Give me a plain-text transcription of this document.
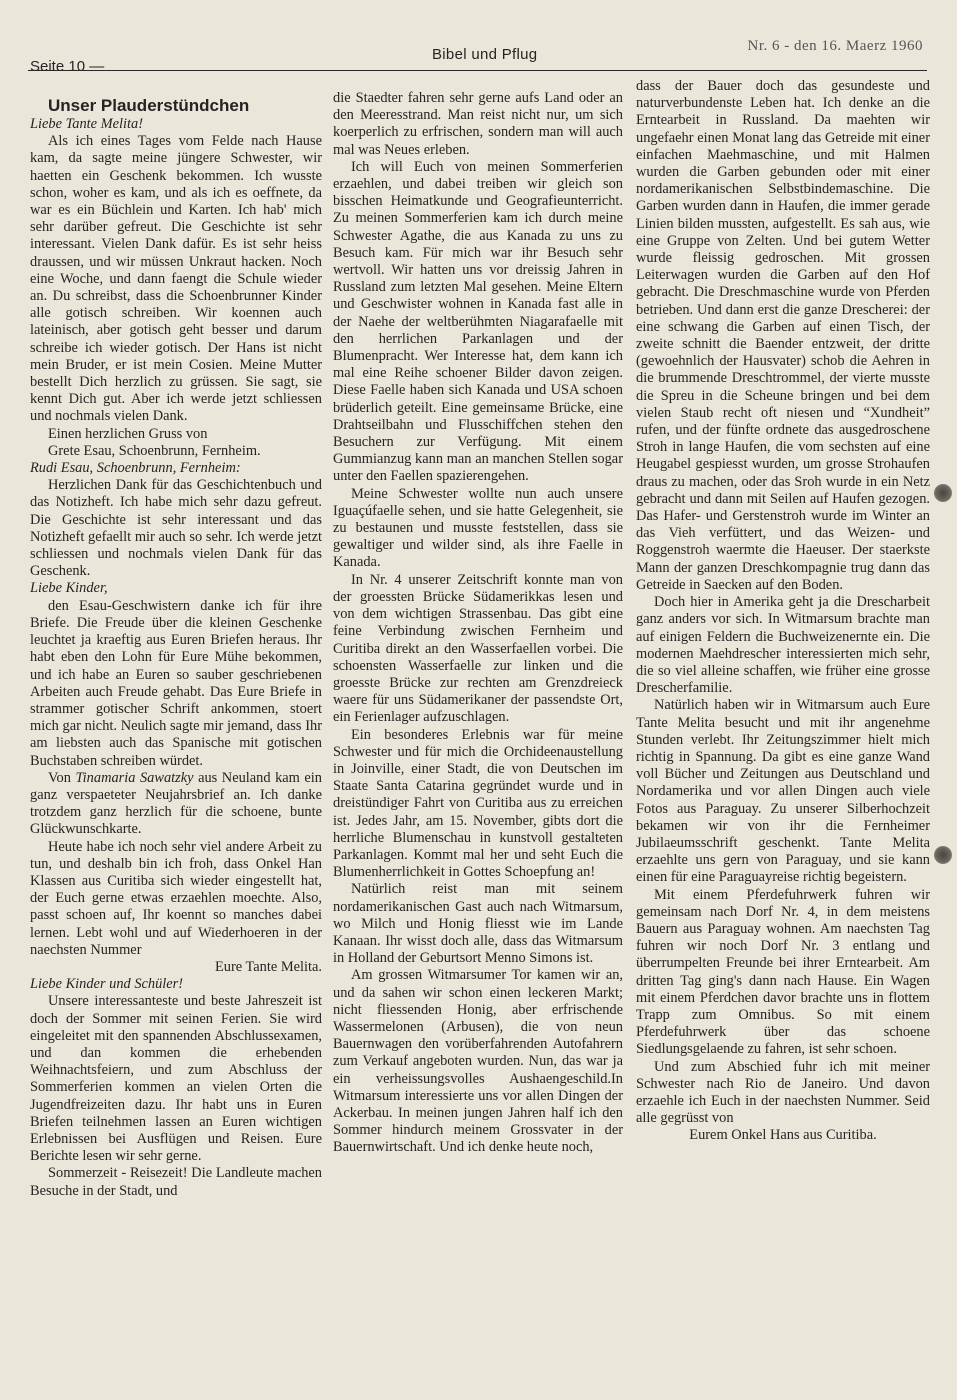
Seite 10 —
Bibel und Pflug	Nr. 6 - den 16. Maerz 1960

Unser Plauderstündchen

Liebe Tante Melita!

Als ich eines Tages vom Felde nach Hause kam, da sagte meine jüngere Schwester, wir haetten ein Geschenk bekommen. Ich wusste schon, woher es kam, und als ich es oeffnete, da war es ein Büchlein und Karten. Ich hab' mich sehr darüber gefreut. Die Geschichte ist sehr interessant. Vielen Dank dafür. Es ist sehr heiss draussen, und wir müssen Unkraut hacken. Noch eine Woche, und dann faengt die Schule wieder an. Du schreibst, dass die Schoenbrunner Kinder alle gotisch schreiben. Wir koennen auch lateinisch, aber gotisch geht besser und darum schreibe ich wieder gotisch. Der Hans ist nicht mein Bruder, er ist mein Cosien. Meine Mutter bestellt Dich herzlich zu grüssen. Sie sagt, sie kennt Dich gut. Aber ich werde jetzt schliessen und nochmals vielen Dank.

Einen herzlichen Gruss von

Grete Esau, Schoenbrunn, Fernheim.

Rudi Esau, Schoenbrunn, Fernheim:

Herzlichen Dank für das Geschichtenbuch und das Notizheft. Ich habe mich sehr dazu gefreut. Die Geschichte ist sehr interessant und das Notizheft gefaellt mir auch so sehr. Ich werde jetzt schliessen und nochmals vielen Dank für das Geschenk.

Liebe Kinder,

den Esau-Geschwistern danke ich für ihre Briefe. Die Freude über die kleinen Geschenke leuchtet ja kraeftig aus Euren Briefen heraus. Ihr habt eben den Lohn für Eure Mühe bekommen, und ich habe an Euren so sauber geschriebenen Arbeiten auch Freude gehabt. Das Eure Briefe in strammer gotischer Schrift ankommen, stoert mich gar nicht. Neulich sagte mir jemand, dass Ihr am liebsten auch das Spanische mit gotischen Buchstaben schreiben würdet.

Von Tinamaria Sawatzky aus Neuland kam ein ganz verspaeteter Neujahrsbrief an. Ich danke trotzdem ganz herzlich für die schoene, bunte Glückwunschkarte.

Heute habe ich noch sehr viel andere Arbeit zu tun, und deshalb bin ich froh, dass Onkel Han Klassen aus Curitiba sich wieder eingestellt hat, der Euch gerne etwas erzaehlen moechte. Also, passt schoen auf, Ihr koennt so manches dabei lernen. Lebt wohl und auf Wiederhoeren in der naechsten Nummer

Eure Tante Melita.

Liebe Kinder und Schüler!

Unsere interessanteste und beste Jahreszeit ist doch der Sommer mit seinen Ferien. Sie wird eingeleitet mit den spannenden Abschlussexamen, und dan kommen die erhebenden Weihnachtsfeiern, und zum Abschluss der Sommerferien kommen an vielen Orten die Jugendfreizeiten dazu. Ihr habt uns in Euren Briefen teilnehmen lassen an Euren wichtigen Erlebnissen bei Ausflügen und Reisen. Eure Berichte lesen wir sehr gerne.

Sommerzeit - Reisezeit! Die Landleute machen Besuche in der Stadt, und

die Staedter fahren sehr gerne aufs Land oder an den Meeresstrand. Man reist nicht nur, um sich koerperlich zu erfrischen, sondern man will auch mal was Neues erleben.

Ich will Euch von meinen Sommerferien erzaehlen, und dabei treiben wir gleich son bisschen Heimatkunde und Geografieunterricht. Zu meinen Sommerferien kam ich durch meine Schwester Agathe, die aus Kanada zu uns zu Besuch kam. Für mich war ihr Besuch sehr wertvoll. Wir hatten uns vor dreissig Jahren in Russland zum letzten Mal gesehen. Meine Eltern und Geschwister wohnen in Kanada fast alle in der Naehe der weltberühmten Niagarafaelle mit den herrlichen Parkanlagen und der Blumenpracht. Wer Interesse hat, dem kann ich mal eine Reihe schoener Bilder davon zeigen. Diese Faelle haben sich Kanada und USA schoen brüderlich geteilt. Eine gemeinsame Brücke, eine Drahtseilbahn und Flusschiffchen stehen den Besuchern zur Verfügung. Mit einem Gummianzug kann man an manchen Stellen sogar unter den Faellen spazierengehen.

Meine Schwester wollte nun auch unsere Iguaçúfaelle sehen, und sie hatte Gelegenheit, sie zu bestaunen und musste feststellen, dass sie gewaltiger und wilder sind, als ihre Faelle in Kanada.

In Nr. 4 unserer Zeitschrift konnte man von der groessten Brücke Südamerikkas lesen und von dem wichtigen Strassenbau. Das gibt eine feine Verbindung zwischen Fernheim und Curitiba direkt an den Wasserfaellen vorbei. Die schoensten Wasserfaelle zur linken und die groesste Brücke zur rechten am Grenzdreieck waere für uns Südamerikaner der passendste Ort, ein Ferienlager aufzuschlagen.

Ein besonderes Erlebnis war für meine Schwester und für mich die Orchideenaustellung in Joinville, einer Stadt, die von Deutschen im Staate Santa Catarina gegründet wurde und in dreistündiger Fahrt von Curitiba aus zu erreichen ist. Jedes Jahr, am 15. November, gibts dort die herrliche Blumenschau in kunstvoll gestalteten Parkanlagen. Kommt mal her und seht Euch die Blumenherrlichkeit in Gottes Schoepfung an!

Natürlich reist man mit seinem nordamerikanischen Gast auch nach Witmarsum, wo Milch und Honig fliesst wie im Lande Kanaan. Ihr wisst doch alle, dass das Witmarsum in Holland der Geburtsort Menno Simons ist.

Am grossen Witmarsumer Tor kamen wir an, und da sahen wir schon einen leckeren Markt; nicht fliessenden Honig, aber erfrischende Wassermelonen (Arbusen), die von neun Bauernwagen den vorüberfahrenden Autofahrern zum Verkauf angeboten wurden. Nun, das war ja ein verheissungsvolles Aushaengeschild.In Witmarsum interessierte uns vor allen Dingen der Ackerbau. In meinen jungen Jahren half ich den Sommer hindurch meinem Grossvater in der Bauernwirtschaft. Und ich denke heute noch,

dass der Bauer doch das gesundeste und naturverbundenste Leben hat. Ich denke an die Erntearbeit in Russland. Da maehten wir ungefaehr einen Monat lang das Getreide mit einer einfachen Maehmaschine, und mit Halmen wurden die Garben gebunden oder mit einer nordamerikanischen Selbstbindemaschine. Die Garben wurden dann in Haufen, die immer gerade Linien bilden mussten, aufgestellt. Es sah aus, wie eine Gruppe von Zelten. Und bei gutem Wetter wurde fleissig gedroschen. Mit grossen Leiterwagen wurden die Garben auf den Hof gebracht. Die Dreschmaschine wurde von Pferden betrieben. Und dann erst die ganze Drescherei: der eine schwang die Garben auf einen Tisch, der zweite schnitt die Baender entzweit, der dritte (gewoehnlich der Hausvater) schob die Aehren in die brummende Dreschtrommel, der vierte musste die Spreu in die Scheune bringen und bei dem vielen Staub recht oft niesen und “Xundheit” rufen, und der fünfte ordnete das ausgedroschene Stroh in lange Haufen, die vom sechsten auf eine Heugabel gespiesst wurden, um grosse Strohaufen draus zu machen, oder das Sroh wurde in ein Netz gebracht und dann mit Seilen auf Haufen gezogen. Das Hafer- und Gerstenstroh wurde im Winter an das Vieh verfüttert, und das Weizen- und Roggenstroh waermte die Haeuser. Der staerkste Mann der ganzen Dreschkompagnie trug dann das Getreide in Saecken auf den Boden.

Doch hier in Amerika geht ja die Drescharbeit ganz anders vor sich. In Witmarsum brachte man auf einigen Feldern die Buchweizenernte ein. Die modernen Maehdrescher interessierten mich sehr, die so viel alleine schaffen, wie früher eine grosse Drescherfamilie.

Natürlich haben wir in Witmarsum auch Eure Tante Melita besucht und mit ihr angenehme Stunden verlebt. Ihr Zeitungszimmer hielt mich richtig in Spannung. Da gibt es eine ganze Wand voll Bücher und Zeitungen aus Deutschland und Nordamerika und vor allen Dingen auch viele Fotos aus Paraguay. Zu unserer Silberhochzeit bekamen wir von ihr die Fernheimer Jubilaeumsschrift geschenkt. Tante Melita erzaehlte uns gern von Paraguay, und sie kann einen für eine Paraguayreise richtig begeistern.

Mit einem Pferdefuhrwerk fuhren wir gemeinsam nach Dorf Nr. 4, in dem meistens Bauern aus Paraguay wohnen. Am naechsten Tag fuhren wir noch Dorf Nr. 3 entlang und überrumpelten Freunde bei ihrer Erntearbeit. Am dritten Tag ging's dann nach Hause. Ein Wagen mit einem Pferdchen davor brachte uns in flottem Trapp zum Omnibus. So mit einem Pferdefuhrwerk über das schoene Siedlungsgelaende zu fahren, ist sehr schoen.

Und zum Abschied fuhr ich mit meiner Schwester nach Rio de Janeiro. Und davon erzaehle ich Euch in der naechsten Nummer. Seid alle gegrüsst von

Eurem Onkel Hans aus Curitiba.
